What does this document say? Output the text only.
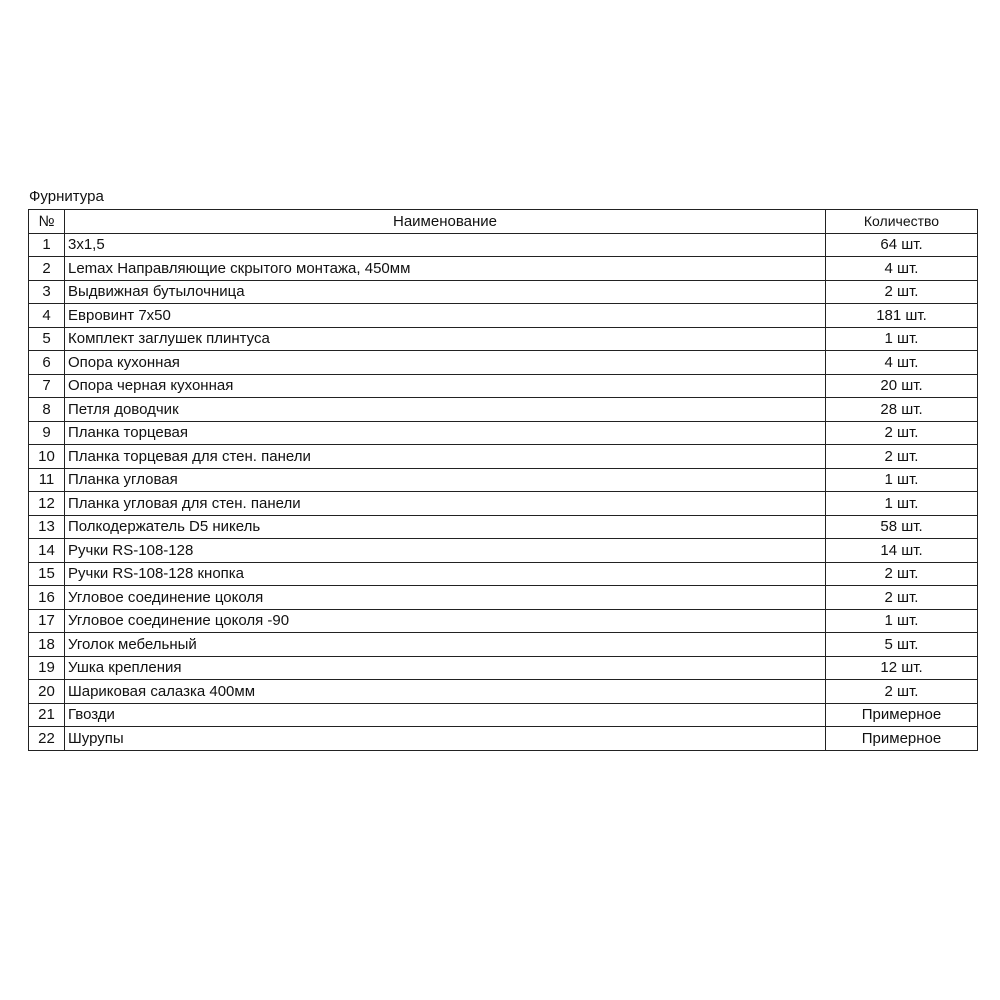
Фурнитура
№	Наименование	Количество
1	3x1,5	64 шт.
2	Lemax Направляющие скрытого монтажа, 450мм	4 шт.
3	Выдвижная бутылочница	2 шт.
4	Евровинт 7х50	181 шт.
5	Комплект заглушек плинтуса	1 шт.
6	Опора кухонная	4 шт.
7	Опора черная кухонная	20 шт.
8	Петля доводчик	28 шт.
9	Планка торцевая	2 шт.
10	Планка торцевая для стен. панели	2 шт.
11	Планка угловая	1 шт.
12	Планка угловая для стен. панели	1 шт.
13	Полкодержатель D5 никель	58 шт.
14	Ручки RS-108-128	14 шт.
15	Ручки RS-108-128 кнопка	2 шт.
16	Угловое соединение цоколя	2 шт.
17	Угловое соединение цоколя -90	1 шт.
18	Уголок мебельный	5 шт.
19	Ушка крепления	12 шт.
20	Шариковая салазка 400мм	2 шт.
21	Гвозди	Примерное
22	Шурупы	Примерное
